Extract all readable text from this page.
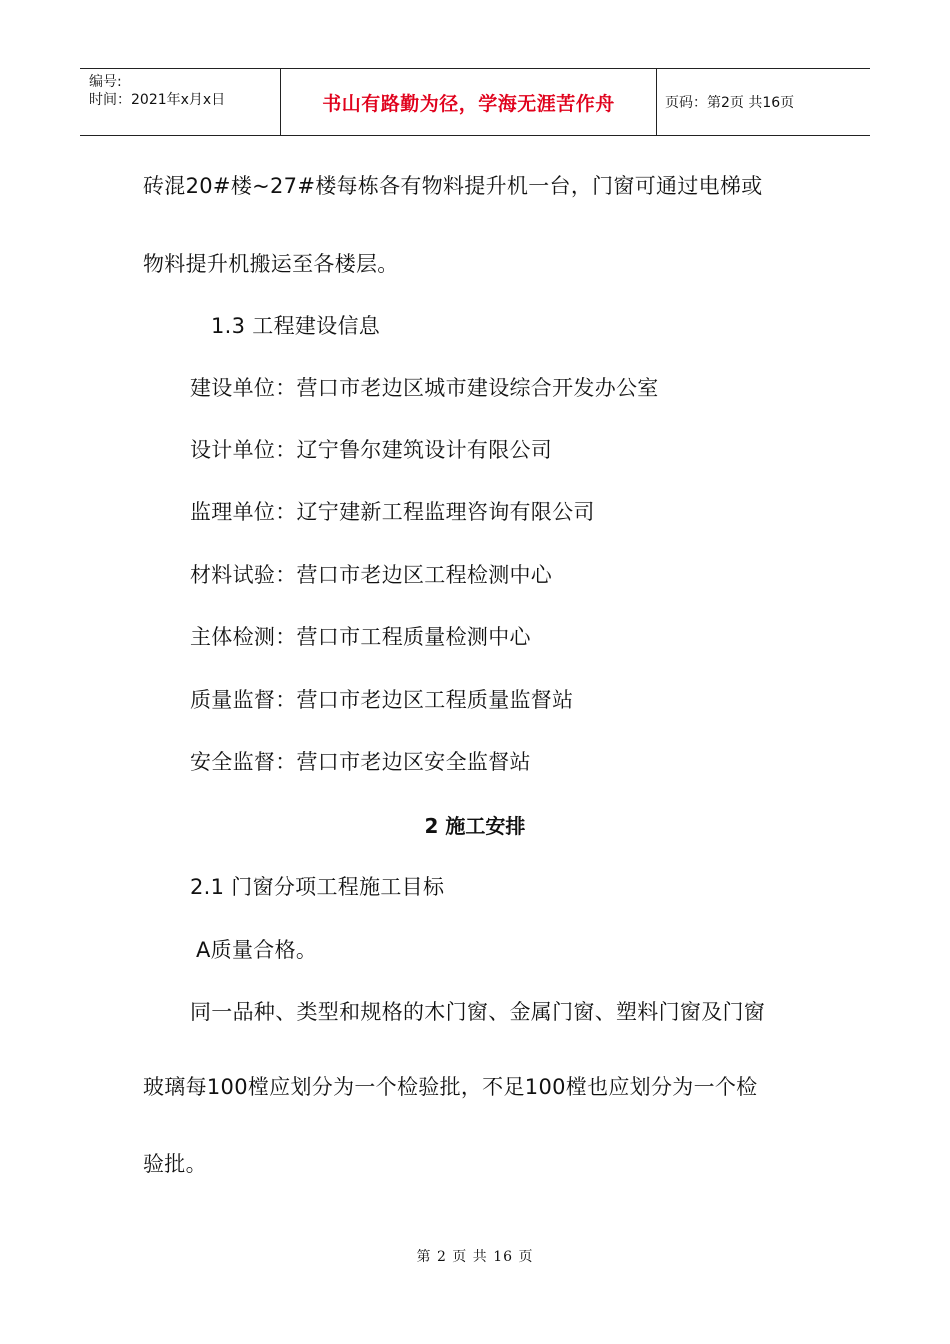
编号:
时间：2021年x月x日	书山有路勤为径，学海无涯苦作舟	页码：第2页 共16页
砖混20#楼~27#楼每栋各有物料提升机一台，门窗可通过电梯或
物料提升机搬运至各楼层。
1.3 工程建设信息
建设单位：营口市老边区城市建设综合开发办公室
设计单位：辽宁鲁尔建筑设计有限公司
监理单位：辽宁建新工程监理咨询有限公司
材料试验：营口市老边区工程检测中心
主体检测：营口市工程质量检测中心
质量监督：营口市老边区工程质量监督站
安全监督：营口市老边区安全监督站
2 施工安排
2.1 门窗分项工程施工目标
A质量合格。
同一品种、类型和规格的木门窗、金属门窗、塑料门窗及门窗
玻璃每100樘应划分为一个检验批，不足100樘也应划分为一个检
验批。
第 2 页 共 16 页
